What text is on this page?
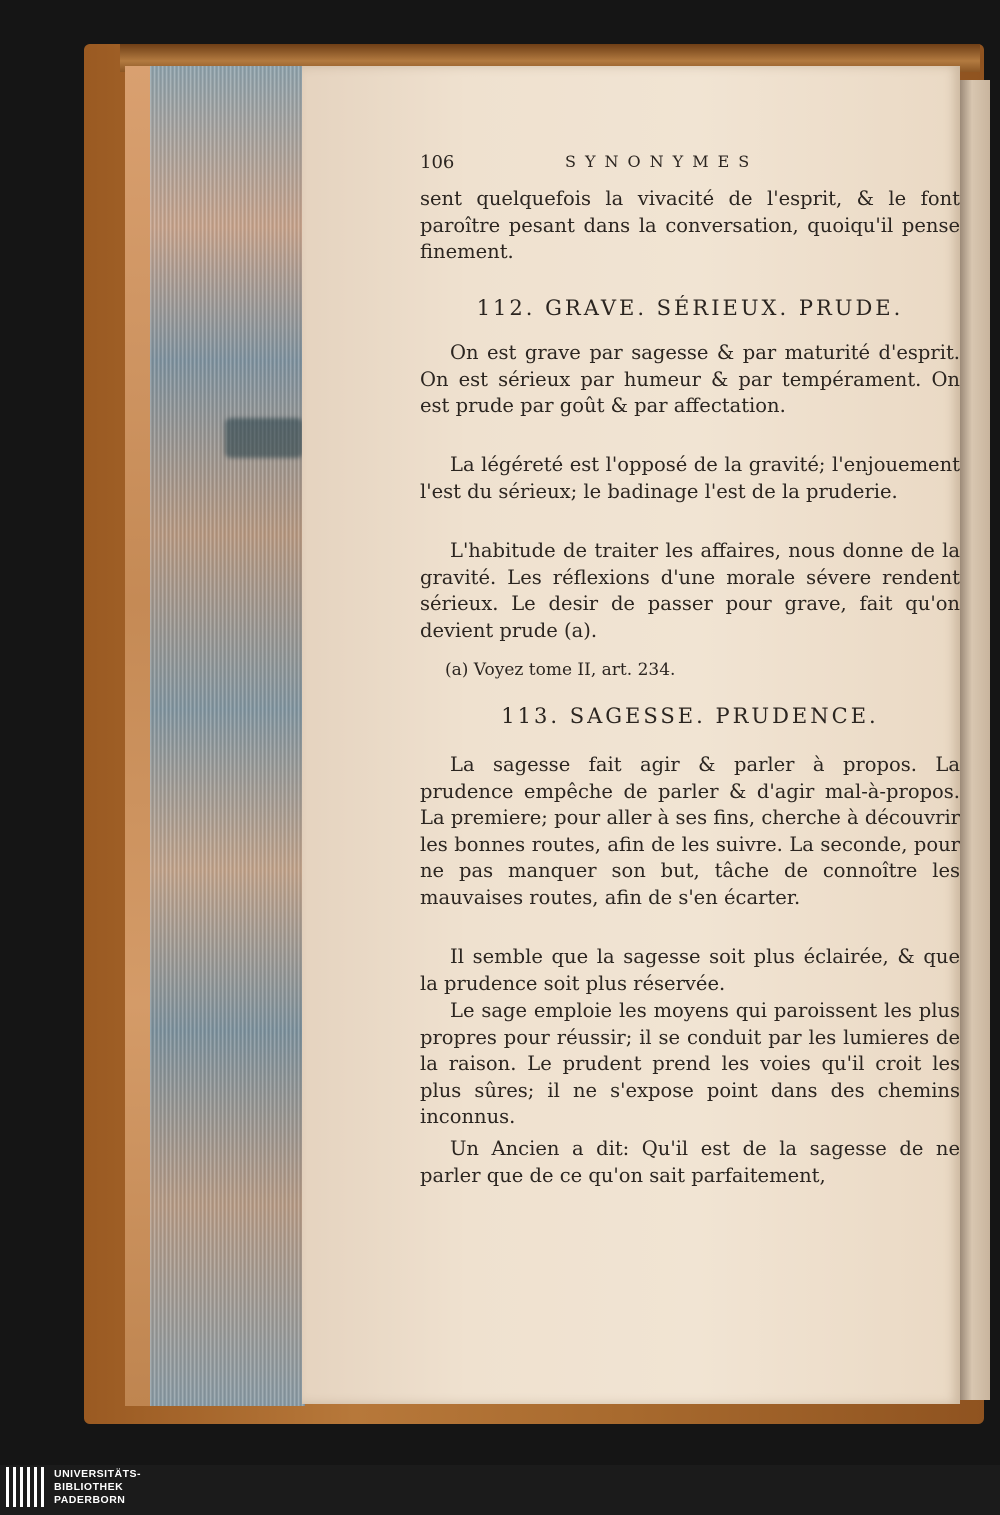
106	SYNONYMES

sent quelquefois la vivacité de l'esprit, & le font paroître pesant dans la conversation, quoiqu'il pense finement.

112. GRAVE. SÉRIEUX. PRUDE.

On est grave par sagesse & par maturité d'esprit. On est sérieux par humeur & par tempérament. On est prude par goût & par affectation.

La légéreté est l'opposé de la gravité; l'enjouement l'est du sérieux; le badinage l'est de la pruderie.

L'habitude de traiter les affaires, nous donne de la gravité. Les réflexions d'une morale sévere rendent sérieux. Le desir de passer pour grave, fait qu'on devient prude (a).

(a) Voyez tome II, art. 234.

113. SAGESSE. PRUDENCE.

La sagesse fait agir & parler à propos. La prudence empêche de parler & d'agir mal-à-propos. La premiere; pour aller à ses fins, cherche à découvrir les bonnes routes, afin de les suivre. La seconde, pour ne pas manquer son but, tâche de connoître les mauvaises routes, afin de s'en écarter.

Il semble que la sagesse soit plus éclairée, & que la prudence soit plus réservée.

Le sage emploie les moyens qui paroissent les plus propres pour réussir; il se conduit par les lumieres de la raison. Le prudent prend les voies qu'il croit les plus sûres; il ne s'expose point dans des chemins inconnus.

Un Ancien a dit: Qu'il est de la sagesse de ne parler que de ce qu'on sait parfaitement,

UNIVERSITÄTS-

BIBLIOTHEK

PADERBORN
